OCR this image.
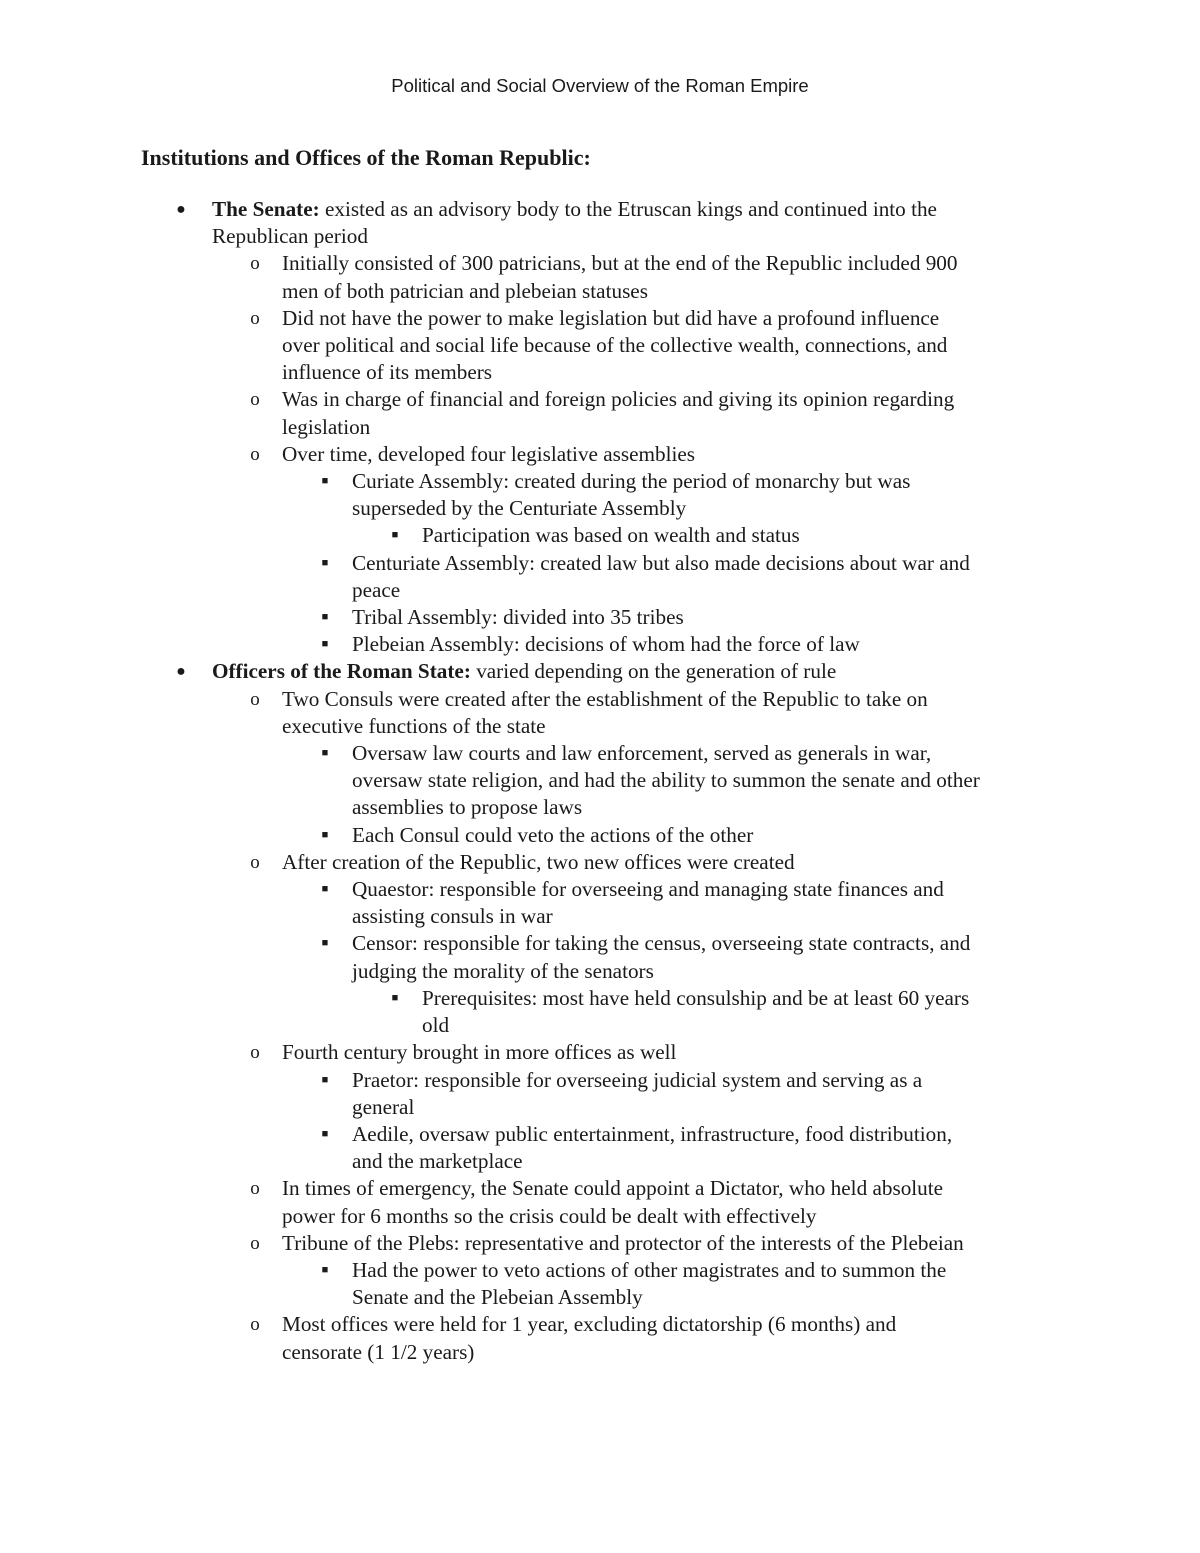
Political and Social Overview of the Roman Empire
Institutions and Offices of the Roman Republic:
● The Senate: existed as an advisory body to the Etruscan kings and continued into the
Republican period
o Initially consisted of 300 patricians, but at the end of the Republic included 900
men of both patrician and plebeian statuses
o Did not have the power to make legislation but did have a profound influence
over political and social life because of the collective wealth, connections, and
influence of its members
o Was in charge of financial and foreign policies and giving its opinion regarding
legislation
o Over time, developed four legislative assemblies
■	Curiate Assembly: created during the period of monarchy but was
superseded by the Centuriate Assembly
■	Participation was based on wealth and status
■	Centuriate Assembly: created law but also made decisions about war and
peace
■	Tribal Assembly: divided into 35 tribes
■	Plebeian Assembly: decisions of whom had the force of law
● Officers of the Roman State: varied depending on the generation of rule
o Two Consuls were created after the establishment of the Republic to take on
executive functions of the state
■	Oversaw law courts and law enforcement, served as generals in war,
oversaw state religion, and had the ability to summon the senate and other
assemblies to propose laws
■	Each Consul could veto the actions of the other
o After creation of the Republic, two new offices were created
■	Quaestor: responsible for overseeing and managing state finances and
assisting consuls in war
■	Censor: responsible for taking the census, overseeing state contracts, and
judging the morality of the senators
■	Prerequisites: most have held consulship and be at least 60 years
old
o Fourth century brought in more offices as well
■	Praetor: responsible for overseeing judicial system and serving as a
general
■	Aedile, oversaw public entertainment, infrastructure, food distribution,
and the marketplace
o In times of emergency, the Senate could appoint a Dictator, who held absolute
power for 6 months so the crisis could be dealt with effectively
o Tribune of the Plebs: representative and protector of the interests of the Plebeian
■	Had the power to veto actions of other magistrates and to summon the
Senate and the Plebeian Assembly
o Most offices were held for 1 year, excluding dictatorship (6 months) and
censorate (1 1/2 years)
